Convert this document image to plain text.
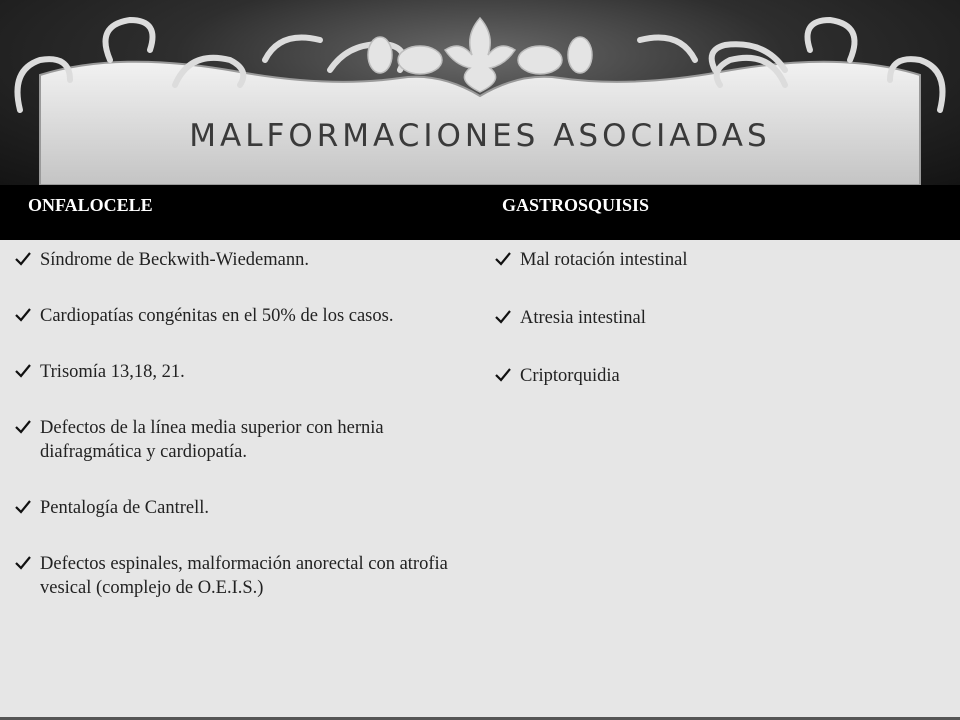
MALFORMACIONES ASOCIADAS
ONFALOCELE	GASTROSQUISIS
Síndrome de Beckwith-Wiedemann.
Cardiopatías congénitas en el 50% de los casos.
Trisomía 13,18, 21.
Defectos de la línea media superior con hernia diafragmática y cardiopatía.
Pentalogía de Cantrell.
Defectos espinales, malformación anorectal con atrofia vesical (complejo de O.E.I.S.)
Mal rotación intestinal
Atresia intestinal
Criptorquidia
